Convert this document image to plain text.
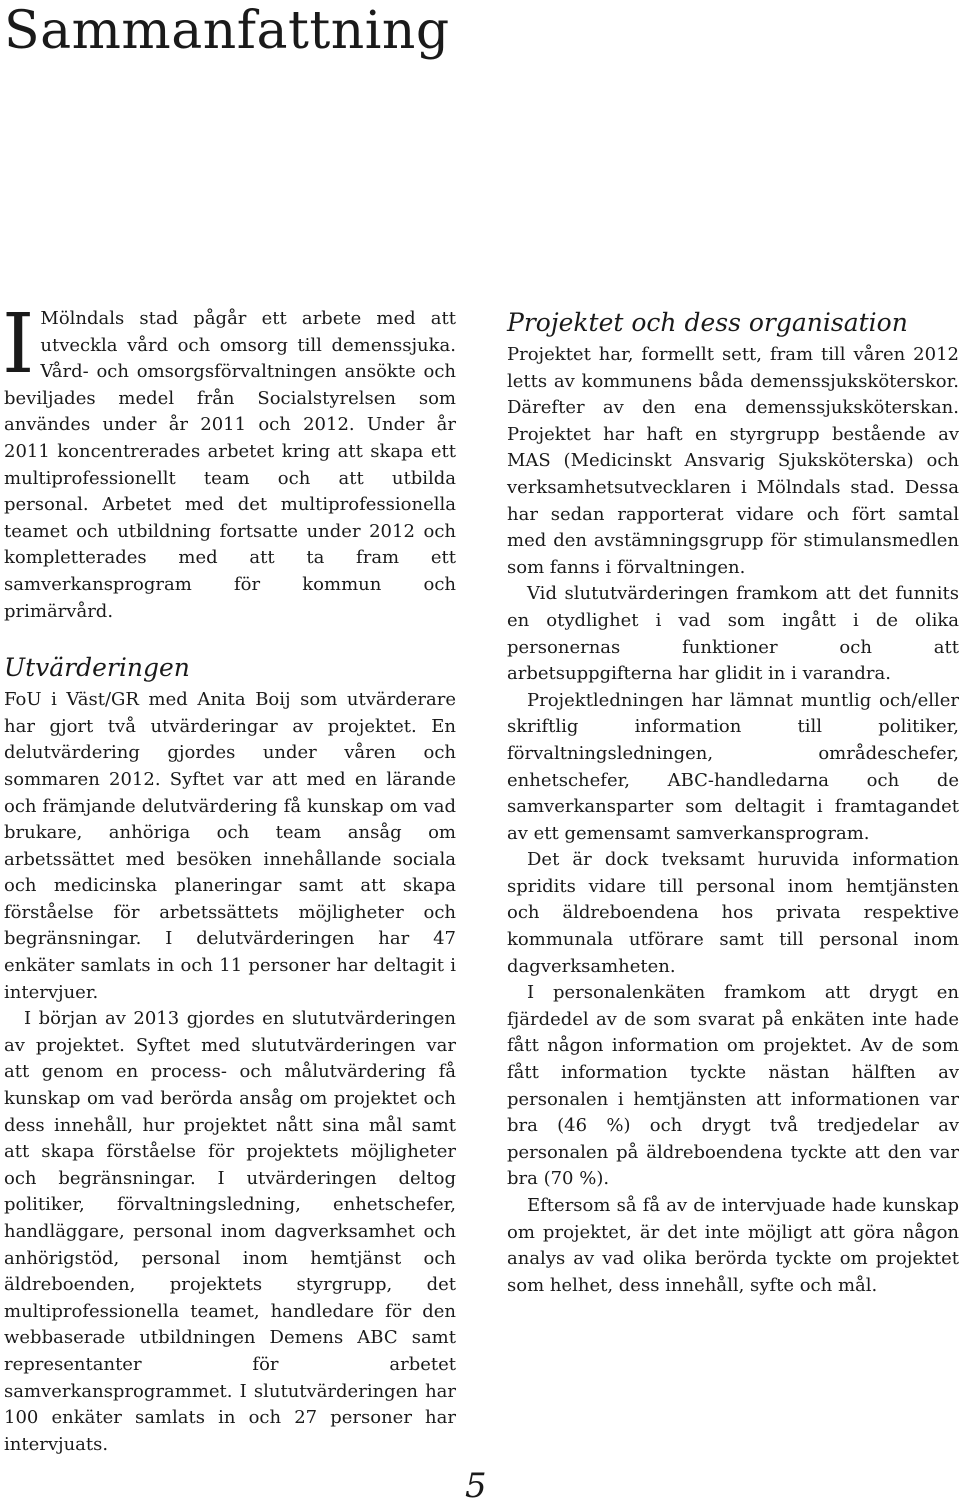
Sammanfattning
I Mölndals stad pågår ett arbete med att utveckla vård och omsorg till demenssjuka. Vård- och omsorgsförvaltningen ansökte och beviljades medel från Socialstyrelsen som användes under år 2011 och 2012. Under år 2011 koncentrerades arbetet kring att skapa ett multiprofessionellt team och att utbilda personal. Arbetet med det multiprofessionella teamet och utbildning fortsatte under 2012 och kompletterades med att ta fram ett samverkansprogram för kommun och primärvård.

Utvärderingen

FoU i Väst/GR med Anita Boij som utvärderare har gjort två utvärderingar av projektet. En delutvärdering gjordes under våren och sommaren 2012. Syftet var att med en lärande och främjande delutvärdering få kunskap om vad brukare, anhöriga och team ansåg om arbetssättet med besöken innehållande sociala och medicinska planeringar samt att skapa förståelse för arbetssättets möjligheter och begränsningar. I delutvärderingen har 47 enkäter samlats in och 11 personer har deltagit i intervjuer.

I början av 2013 gjordes en slututvärderingen av projektet. Syftet med slututvärderingen var att genom en process- och målutvärdering få kunskap om vad berörda ansåg om projektet och dess innehåll, hur projektet nått sina mål samt att skapa förståelse för projektets möjligheter och begränsningar. I utvärderingen deltog politiker, förvaltningsledning, enhetschefer, handläggare, personal inom dagverksamhet och anhörigstöd, personal inom hemtjänst och äldreboenden, projektets styrgrupp, det multiprofessionella teamet, handledare för den webbaserade utbildningen Demens ABC samt representanter för arbetet samverkansprogrammet. I slututvärderingen har 100 enkäter samlats in och 27 personer har intervjuats.

Projektet och dess organisation

Projektet har, formellt sett, fram till våren 2012 letts av kommunens båda demenssjuksköterskor. Därefter av den ena demenssjuksköterskan. Projektet har haft en styrgrupp bestående av MAS (Medicinskt Ansvarig Sjuksköterska) och verksamhetsutvecklaren i Mölndals stad. Dessa har sedan rapporterat vidare och fört samtal med den avstämningsgrupp för stimulansmedlen som fanns i förvaltningen.

Vid slututvärderingen framkom att det funnits en otydlighet i vad som ingått i de olika personernas funktioner och att arbetsuppgifterna har glidit in i varandra.

Projektledningen har lämnat muntlig och/eller skriftlig information till politiker, förvaltningsledningen, områdeschefer, enhetschefer, ABC-handledarna och de samverkansparter som deltagit i framtagandet av ett gemensamt samverkansprogram.

Det är dock tveksamt huruvida information spridits vidare till personal inom hemtjänsten och äldreboendena hos privata respektive kommunala utförare samt till personal inom dagverksamheten.

I personalenkäten framkom att drygt en fjärdedel av de som svarat på enkäten inte hade fått någon information om projektet. Av de som fått information tyckte nästan hälften av personalen i hemtjänsten att informationen var bra (46 %) och drygt två tredjedelar av personalen på äldreboendena tyckte att den var bra (70 %).

Eftersom så få av de intervjuade hade kunskap om projektet, är det inte möjligt att göra någon analys av vad olika berörda tyckte om projektet som helhet, dess innehåll, syfte och mål.

5
